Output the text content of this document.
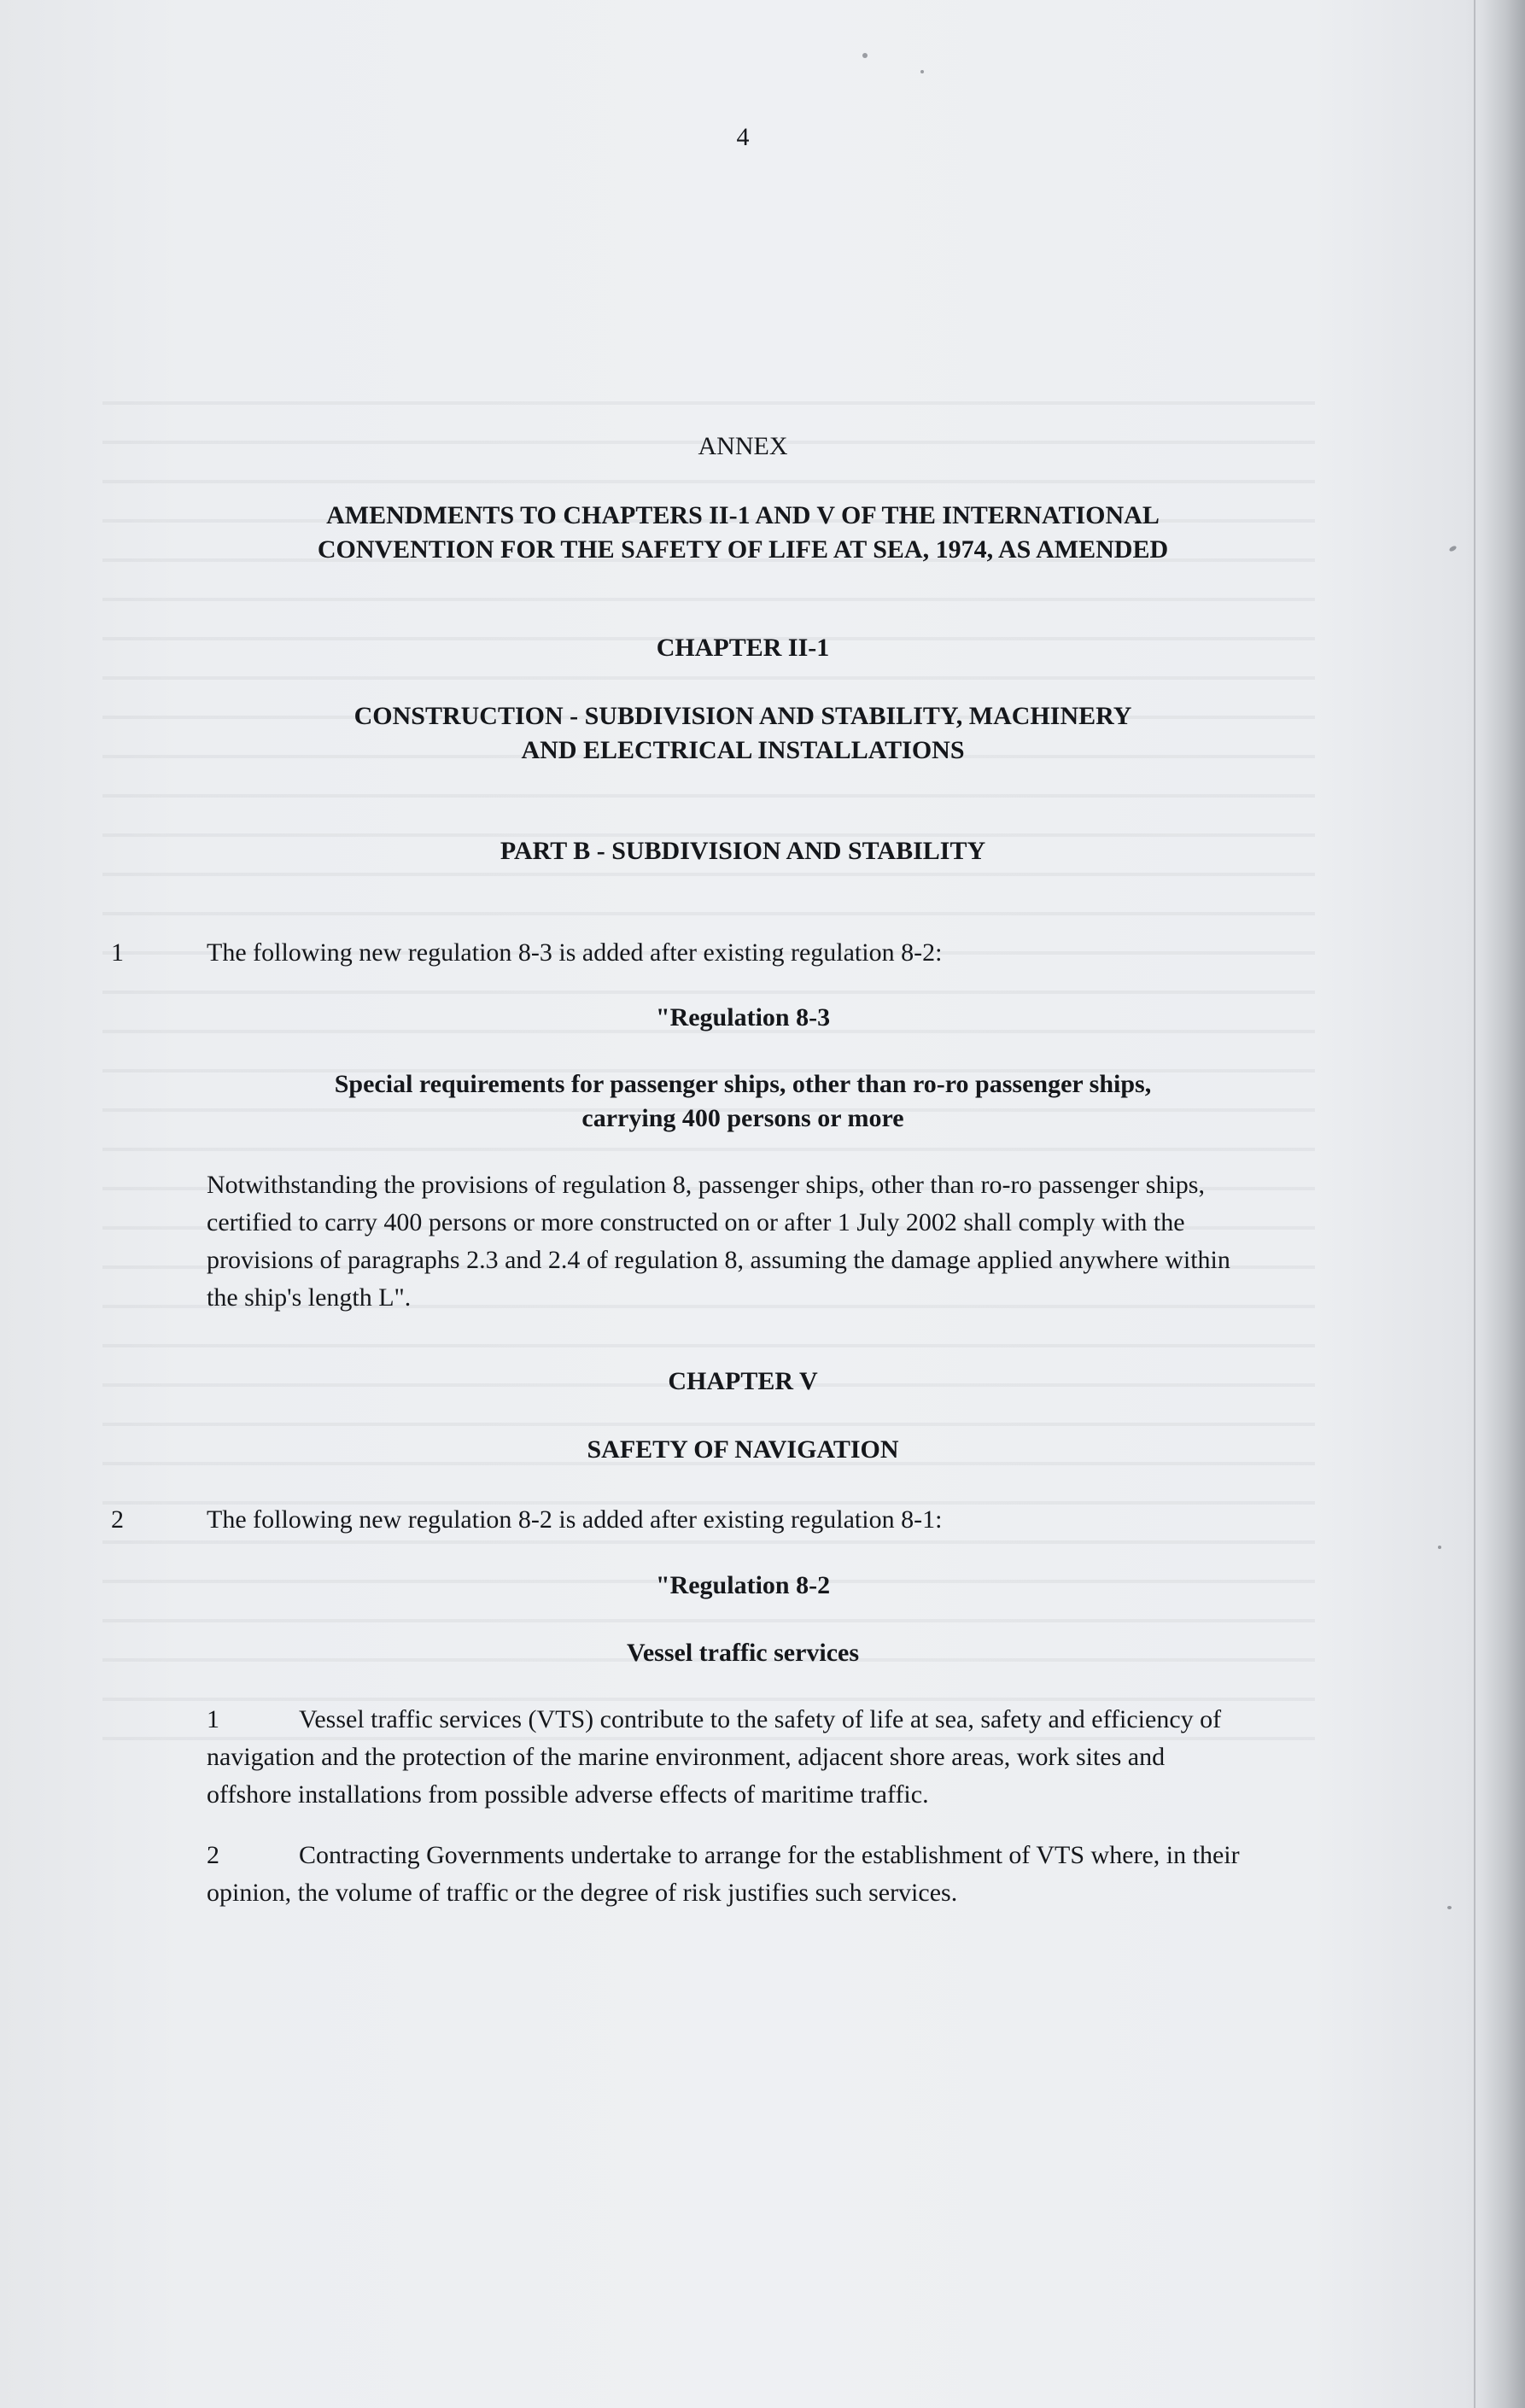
4

ANNEX

AMENDMENTS TO CHAPTERS II-1 AND V OF THE INTERNATIONAL
CONVENTION FOR THE SAFETY OF LIFE AT SEA, 1974, AS AMENDED

CHAPTER II-1

CONSTRUCTION - SUBDIVISION AND STABILITY, MACHINERY
AND ELECTRICAL INSTALLATIONS

PART B - SUBDIVISION AND STABILITY

1	The following new regulation 8-3 is added after existing regulation 8-2:

"Regulation 8-3

Special requirements for passenger ships, other than ro-ro passenger ships,
carrying 400 persons or more
Notwithstanding the provisions of regulation 8, passenger ships, other than ro-ro passenger ships,
certified to carry 400 persons or more constructed on or after 1 July 2002 shall comply with the
provisions of paragraphs 2.3 and 2.4 of regulation 8, assuming the damage applied anywhere within
the ship's length L".

CHAPTER V

SAFETY OF NAVIGATION

2	The following new regulation 8-2 is added after existing regulation 8-1:

"Regulation 8-2

Vessel traffic services

1	Vessel traffic services (VTS) contribute to the safety of life at sea, safety and efficiency of
navigation and the protection of the marine environment, adjacent shore areas, work sites and
offshore installations from possible adverse effects of maritime traffic.
2	Contracting Governments undertake to arrange for the establishment of VTS where, in their
opinion, the volume of traffic or the degree of risk justifies such services.
